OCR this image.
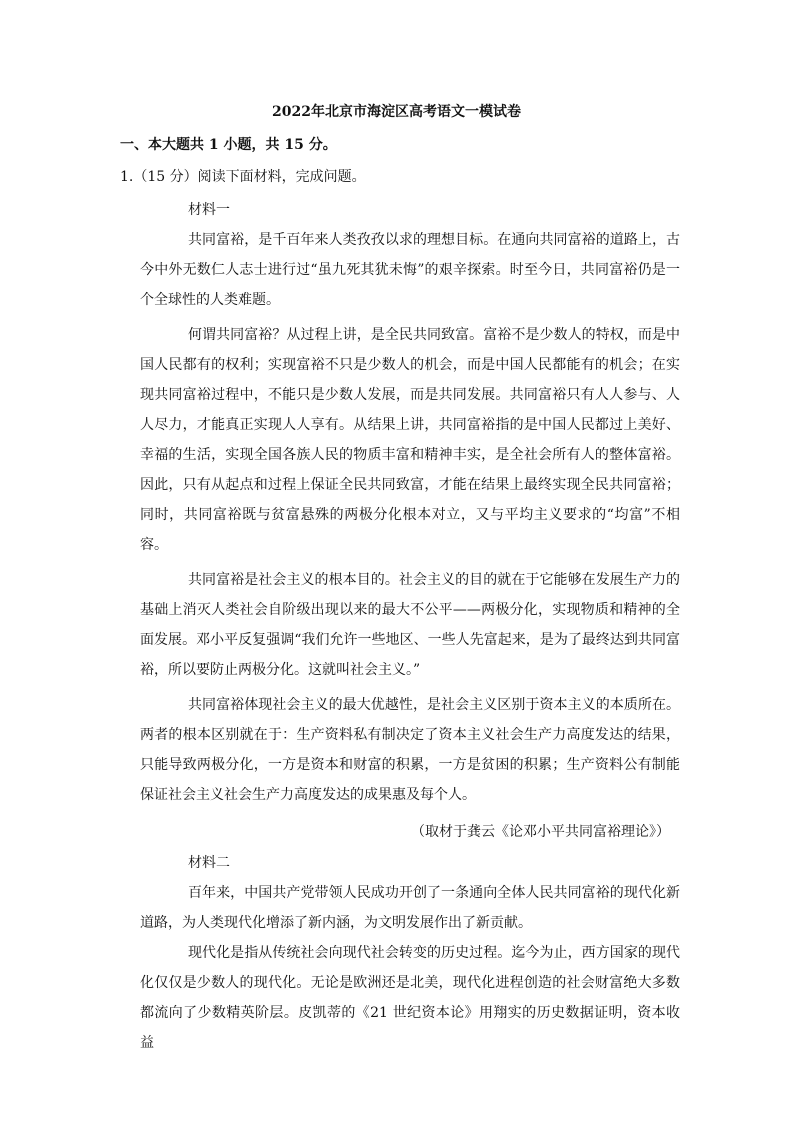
2022年北京市海淀区高考语文一模试卷
一、本大题共 1 小题，共 15 分。
1.（15 分）阅读下面材料，完成问题。
材料一

共同富裕，是千百年来人类孜孜以求的理想目标。在通向共同富裕的道路上，古今中外无数仁人志士进行过“虽九死其犹未悔”的艰辛探索。时至今日，共同富裕仍是一个全球性的人类难题。

何谓共同富裕？从过程上讲，是全民共同致富。富裕不是少数人的特权，而是中国人民都有的权利；实现富裕不只是少数人的机会，而是中国人民都能有的机会；在实现共同富裕过程中，不能只是少数人发展，而是共同发展。共同富裕只有人人参与、人人尽力，才能真正实现人人享有。从结果上讲，共同富裕指的是中国人民都过上美好、幸福的生活，实现全国各族人民的物质丰富和精神丰实，是全社会所有人的整体富裕。因此，只有从起点和过程上保证全民共同致富，才能在结果上最终实现全民共同富裕；同时，共同富裕既与贫富悬殊的两极分化根本对立，又与平均主义要求的“均富”不相容。

共同富裕是社会主义的根本目的。社会主义的目的就在于它能够在发展生产力的基础上消灭人类社会自阶级出现以来的最大不公平——两极分化，实现物质和精神的全面发展。邓小平反复强调“我们允许一些地区、一些人先富起来，是为了最终达到共同富裕，所以要防止两极分化。这就叫社会主义。”

共同富裕体现社会主义的最大优越性，是社会主义区别于资本主义的本质所在。两者的根本区别就在于：生产资料私有制决定了资本主义社会生产力高度发达的结果，只能导致两极分化，一方是资本和财富的积累，一方是贫困的积累；生产资料公有制能保证社会主义社会生产力高度发达的成果惠及每个人。

（取材于龚云《论邓小平共同富裕理论》）
材料二

百年来，中国共产党带领人民成功开创了一条通向全体人民共同富裕的现代化新道路，为人类现代化增添了新内涵，为文明发展作出了新贡献。

现代化是指从传统社会向现代社会转变的历史过程。迄今为止，西方国家的现代化仅仅是少数人的现代化。无论是欧洲还是北美，现代化进程创造的社会财富绝大多数都流向了少数精英阶层。皮凯蒂的《21 世纪资本论》用翔实的历史数据证明，资本收益
